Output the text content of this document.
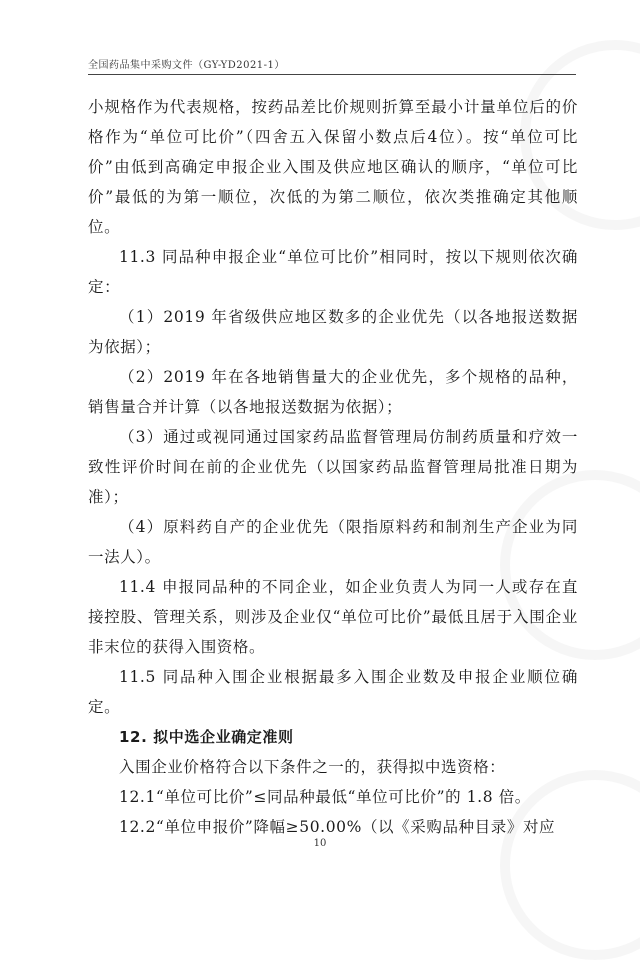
全国药品集中采购文件（GY-YD2021-1）

小规格作为代表规格，按药品差比价规则折算至最小计量单位后的价格作为“单位可比价”（四舍五入保留小数点后4位）。按“单位可比价”由低到高确定申报企业入围及供应地区确认的顺序，“单位可比价”最低的为第一顺位，次低的为第二顺位，依次类推确定其他顺位。

11.3 同品种申报企业“单位可比价”相同时，按以下规则依次确定：

（1）2019 年省级供应地区数多的企业优先（以各地报送数据为依据）；

（2）2019 年在各地销售量大的企业优先，多个规格的品种，销售量合并计算（以各地报送数据为依据）；

（3）通过或视同通过国家药品监督管理局仿制药质量和疗效一致性评价时间在前的企业优先（以国家药品监督管理局批准日期为准）；

（4）原料药自产的企业优先（限指原料药和制剂生产企业为同一法人）。

11.4 申报同品种的不同企业，如企业负责人为同一人或存在直接控股、管理关系，则涉及企业仅“单位可比价”最低且居于入围企业非末位的获得入围资格。

11.5 同品种入围企业根据最多入围企业数及申报企业顺位确定。

12. 拟中选企业确定准则

入围企业价格符合以下条件之一的，获得拟中选资格：

12.1“单位可比价”≤同品种最低“单位可比价”的 1.8 倍。

12.2“单位申报价”降幅≥50.00%（以《采购品种目录》对应

10
